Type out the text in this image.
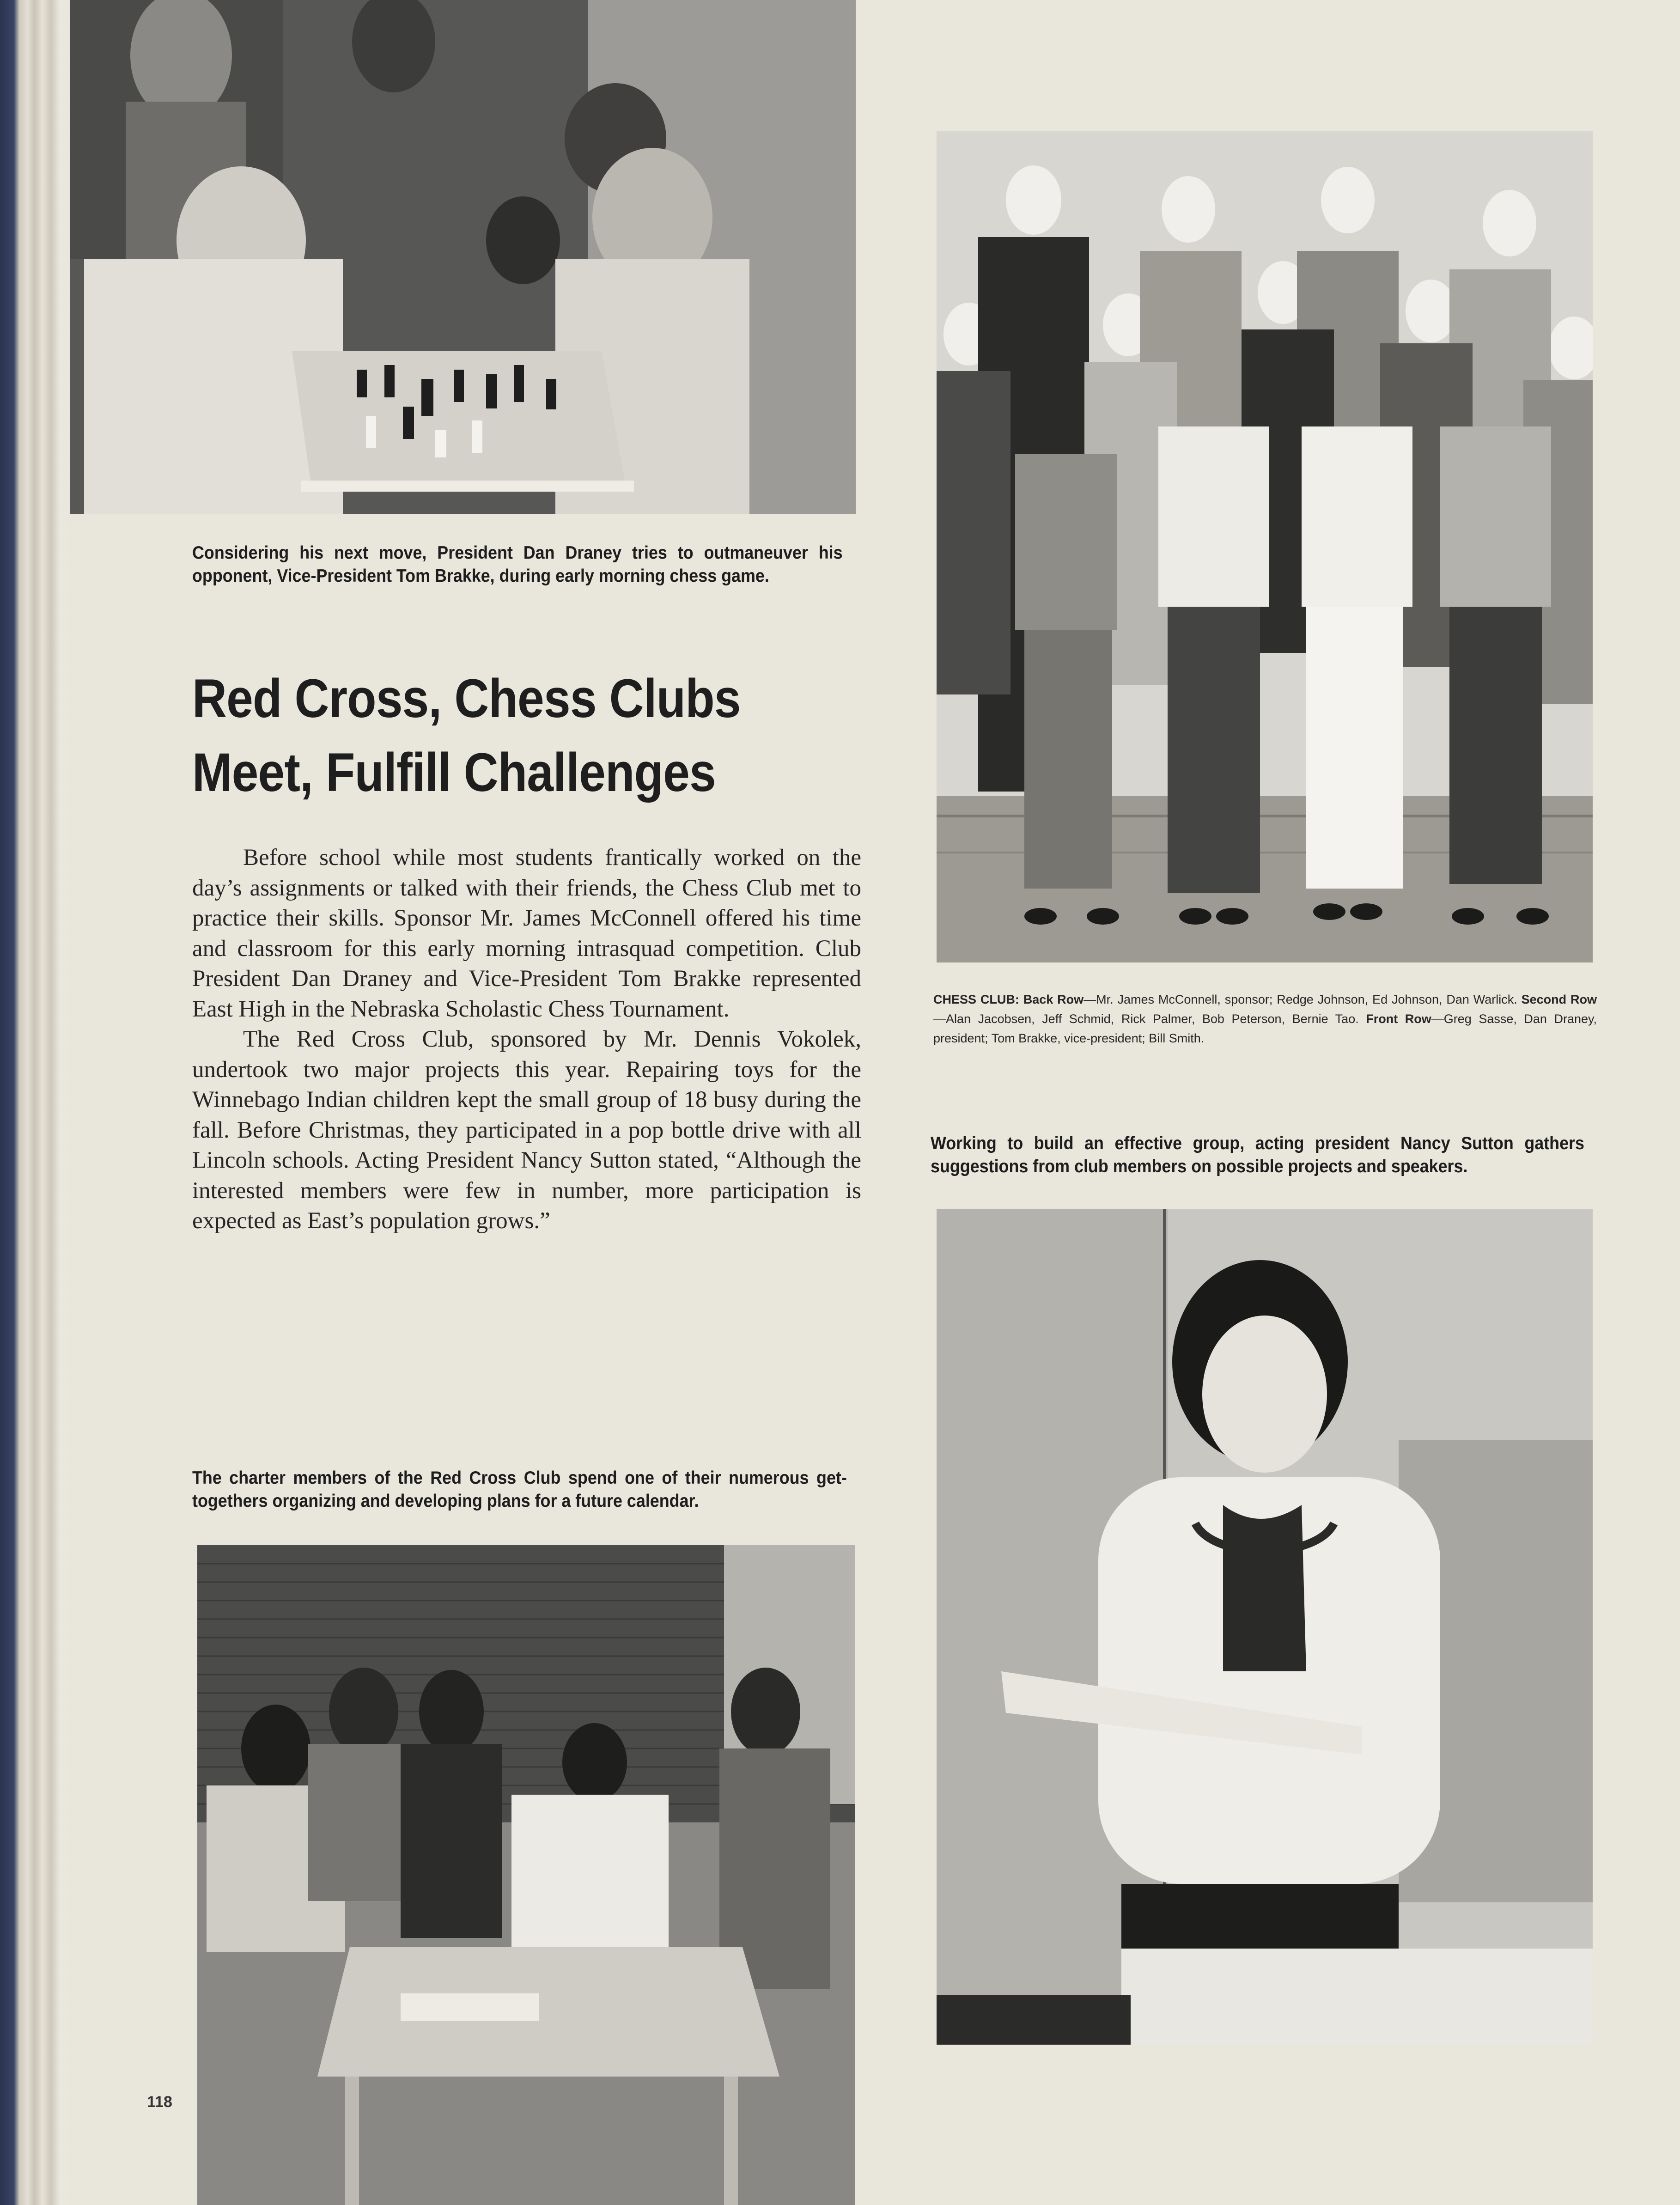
Considering his next move, President Dan Draney tries to outmaneuver his opponent, Vice-President Tom Brakke, during early morning chess game.
CHESS CLUB: Back Row—Mr. James McConnell, sponsor; Redge Johnson, Ed Johnson, Dan Warlick. Second Row—Alan Jacobsen, Jeff Schmid, Rick Palmer, Bob Peterson, Bernie Tao. Front Row—Greg Sasse, Dan Draney, president; Tom Brakke, vice-president; Bill Smith.
Working to build an effective group, acting president Nancy Sutton gathers suggestions from club members on possible projects and speakers.
Red Cross, Chess Clubs
Meet, Fulfill Challenges

Before school while most students frantically worked on the day’s assignments or talked with their friends, the Chess Club met to practice their skills. Sponsor Mr. James McConnell offered his time and classroom for this early morning intrasquad competition. Club President Dan Draney and Vice-President Tom Brakke represented East High in the Nebraska Scholastic Chess Tournament.

The Red Cross Club, sponsored by Mr. Dennis Vokolek, undertook two major projects this year. Repairing toys for the Winnebago Indian children kept the small group of 18 busy during the fall. Before Christmas, they participated in a pop bottle drive with all Lincoln schools. Acting President Nancy Sutton stated, “Although the interested members were few in number, more participation is expected as East’s population grows.”

The charter members of the Red Cross Club spend one of their numerous get-togethers organizing and developing plans for a future calendar.
118
